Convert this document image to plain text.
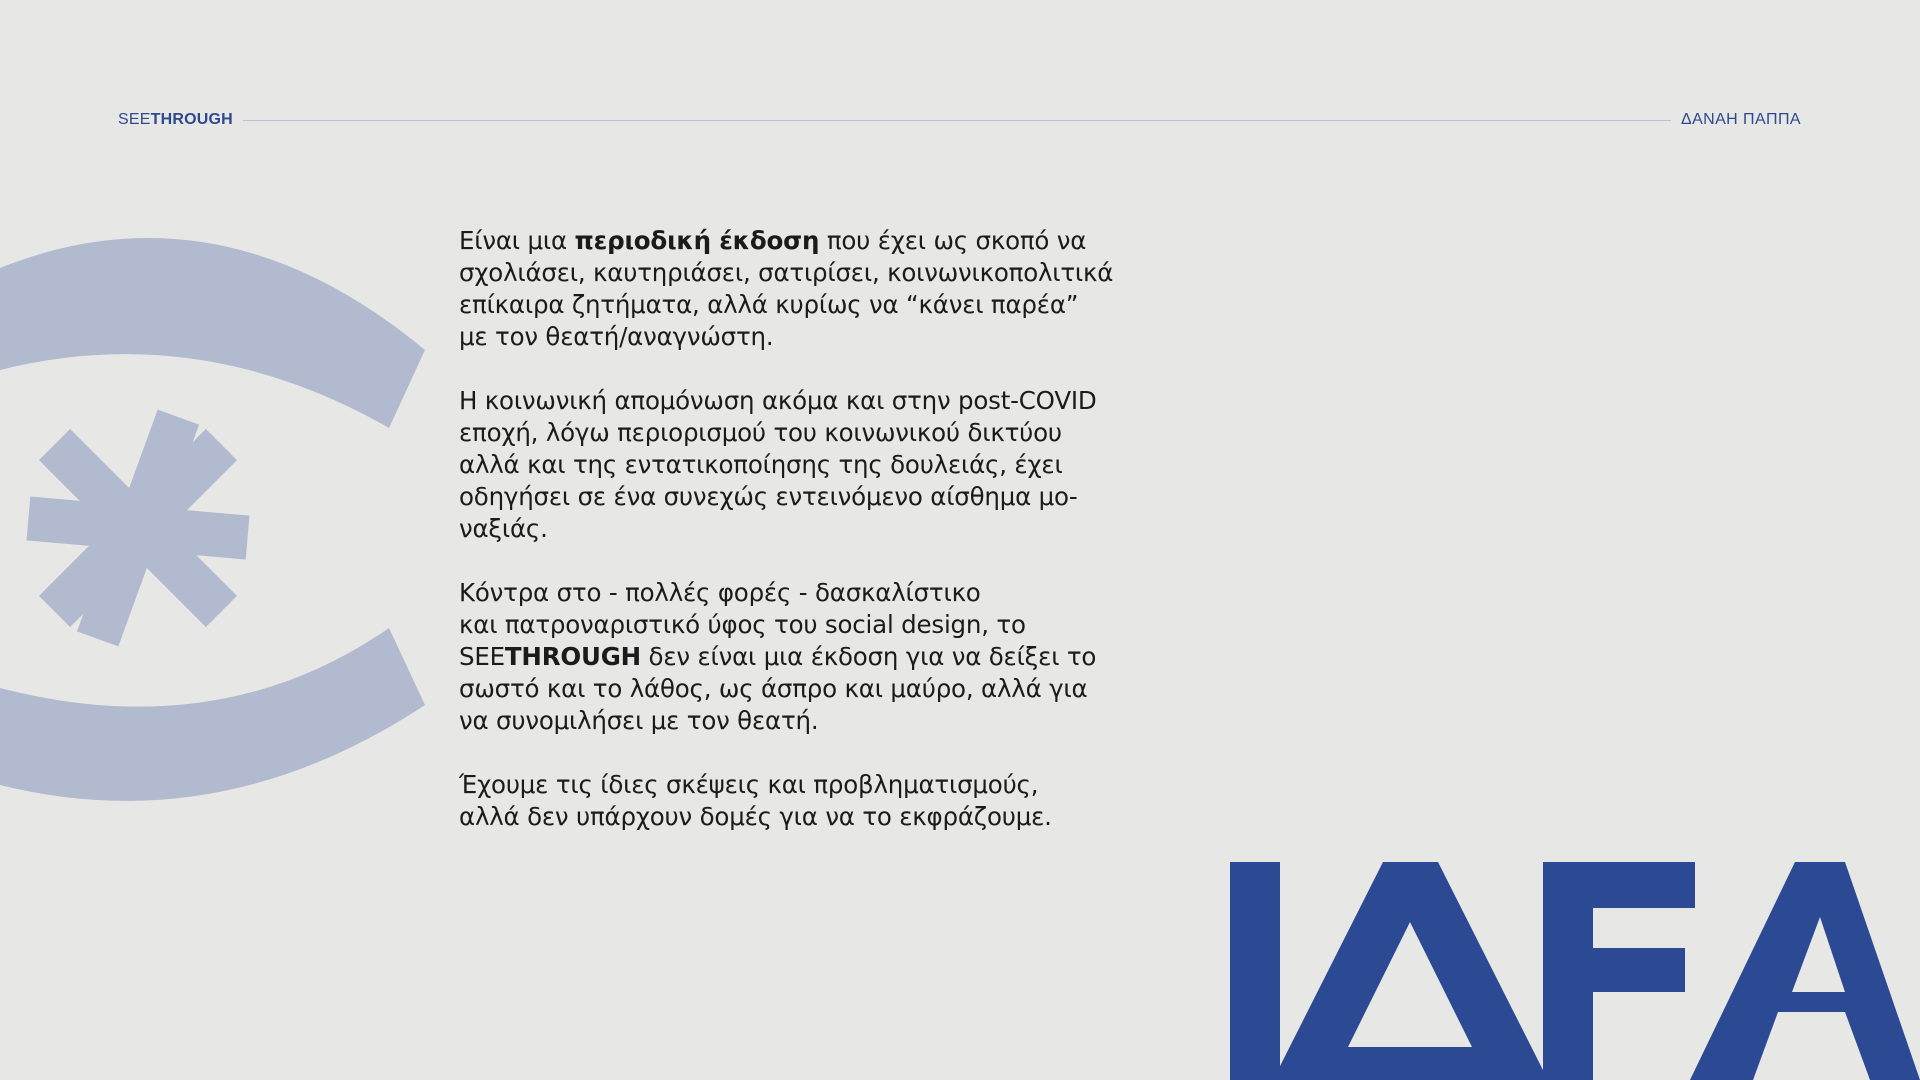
SEETHROUGH	ΔΑΝΑΗ ΠΑΠΠΑ

Είναι μια περιοδική έκδοση που έχει ως σκοπό να
σχολιάσει, καυτηριάσει, σατιρίσει, κοινωνικοπολιτικά
επίκαιρα ζητήματα, αλλά κυρίως να “κάνει παρέα”
με τον θεατή/αναγνώστη.

Η κοινωνική απομόνωση ακόμα και στην post-COVID
εποχή, λόγω περιορισμού του κοινωνικού δικτύου
αλλά και της εντατικοποίησης της δουλειάς, έχει
οδηγήσει σε ένα συνεχώς εντεινόμενο αίσθημα μο-
ναξιάς.

Κόντρα στο - πολλές φορές - δασκαλίστικο
και πατροναριστικό ύφος του social design, το
SEETHROUGH δεν είναι μια έκδοση για να δείξει το
σωστό και το λάθος, ως άσπρο και μαύρο, αλλά για
να συνομιλήσει με τον θεατή.

Έχουμε τις ίδιες σκέψεις και προβληματισμούς,
αλλά δεν υπάρχουν δομές για να το εκφράζουμε.
